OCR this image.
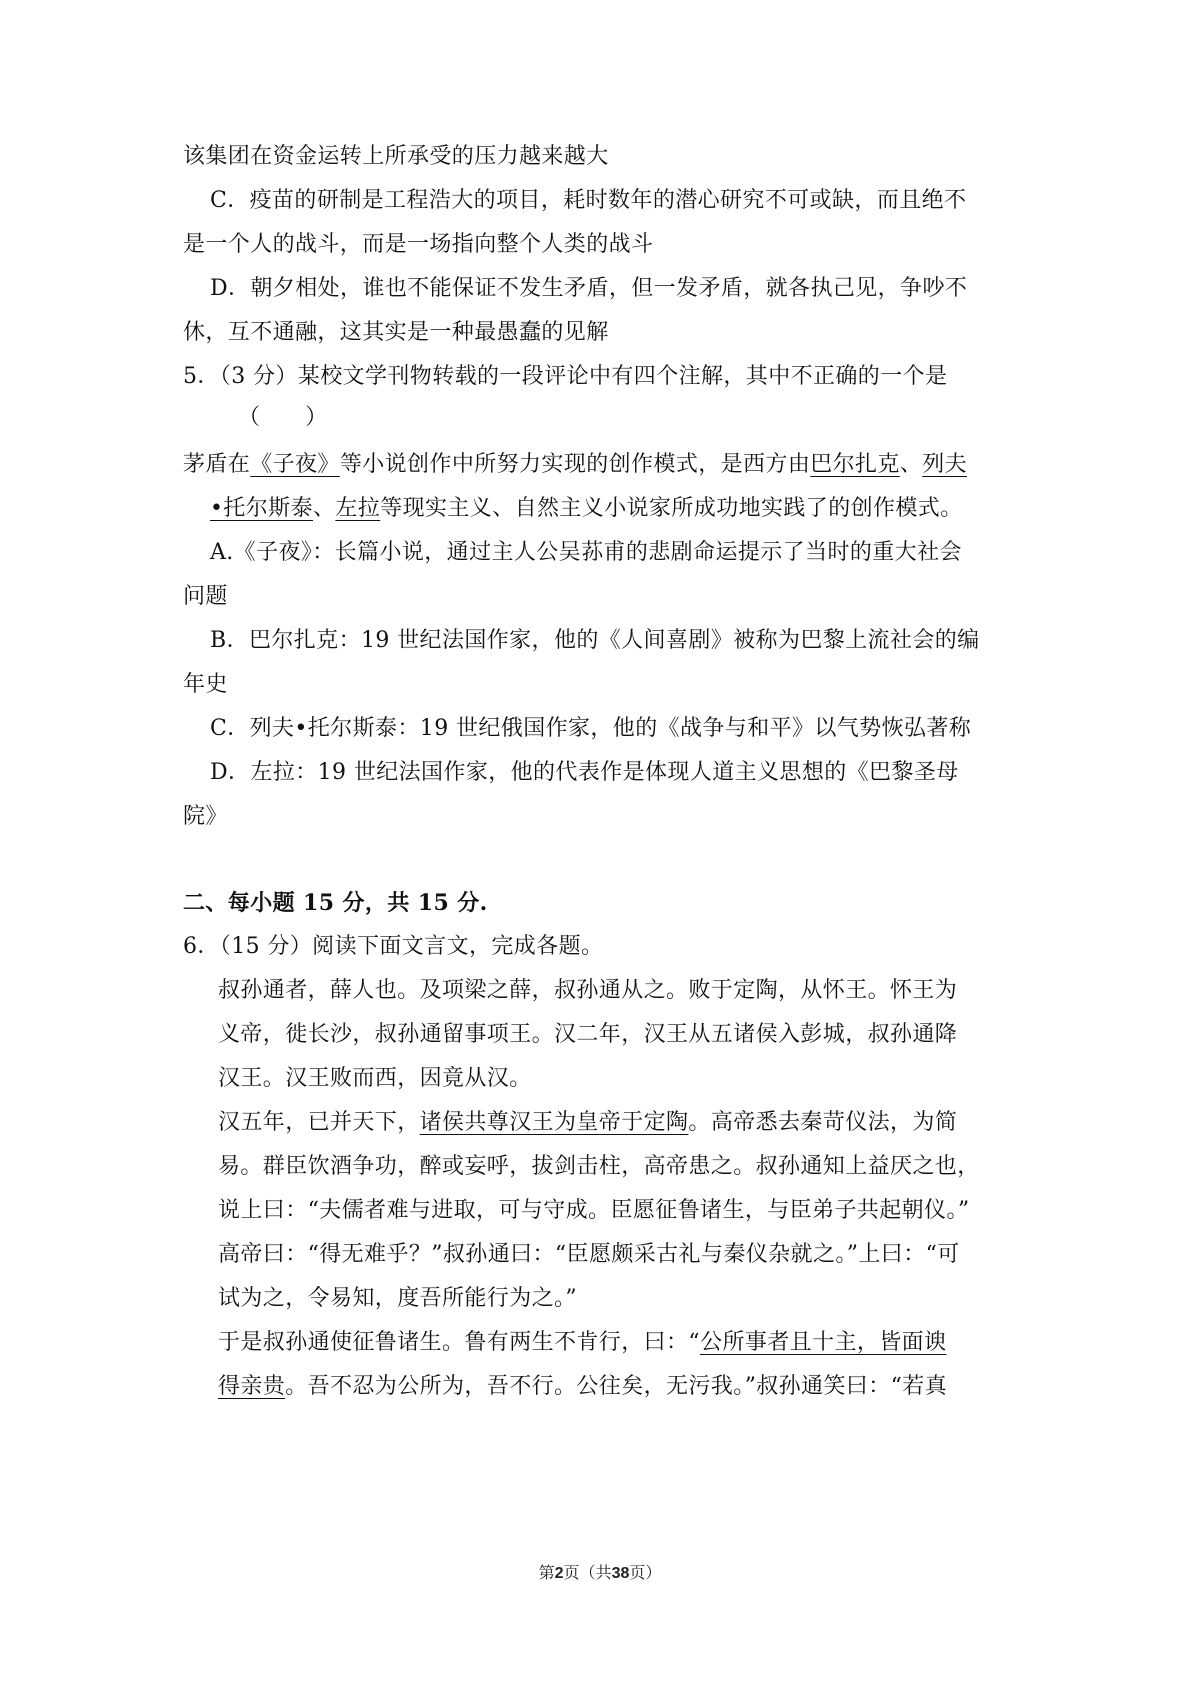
该集团在资金运转上所承受的压力越来越大
C．疫苗的研制是工程浩大的项目，耗时数年的潜心研究不可或缺，而且绝不
是一个人的战斗，而是一场指向整个人类的战斗
D．朝夕相处，谁也不能保证不发生矛盾，但一发矛盾，就各执己见，争吵不
休，互不通融，这其实是一种最愚蠢的见解
5．（3 分）某校文学刊物转载的一段评论中有四个注解，其中不正确的一个是
（　　）
茅盾在《子夜》等小说创作中所努力实现的创作模式，是西方由巴尔扎克、列夫
•托尔斯泰、左拉等现实主义、自然主义小说家所成功地实践了的创作模式。
A.《子夜》：长篇小说，通过主人公吴荪甫的悲剧命运提示了当时的重大社会
问题
B．巴尔扎克：19 世纪法国作家，他的《人间喜剧》被称为巴黎上流社会的编
年史
C．列夫•托尔斯泰：19 世纪俄国作家，他的《战争与和平》以气势恢弘著称
D．左拉：19 世纪法国作家，他的代表作是体现人道主义思想的《巴黎圣母
院》
二、每小题 15 分，共 15 分.
6．（15 分）阅读下面文言文，完成各题。
叔孙通者，薛人也。及项梁之薛，叔孙通从之。败于定陶，从怀王。怀王为
义帝，徙长沙，叔孙通留事项王。汉二年，汉王从五诸侯入彭城，叔孙通降
汉王。汉王败而西，因竟从汉。
汉五年，已并天下，诸侯共尊汉王为皇帝于定陶。高帝悉去秦苛仪法，为简
易。群臣饮酒争功，醉或妄呼，拔剑击柱，高帝患之。叔孙通知上益厌之也，
说上曰：“夫儒者难与进取，可与守成。臣愿征鲁诸生，与臣弟子共起朝仪。”
高帝曰：“得无难乎？”叔孙通曰：“臣愿颇采古礼与秦仪杂就之。”上曰：“可
试为之，令易知，度吾所能行为之。”
于是叔孙通使征鲁诸生。鲁有两生不肯行，曰：“公所事者且十主，皆面谀
得亲贵。吾不忍为公所为，吾不行。公往矣，无污我。”叔孙通笑曰：“若真
第2页（共38页）
